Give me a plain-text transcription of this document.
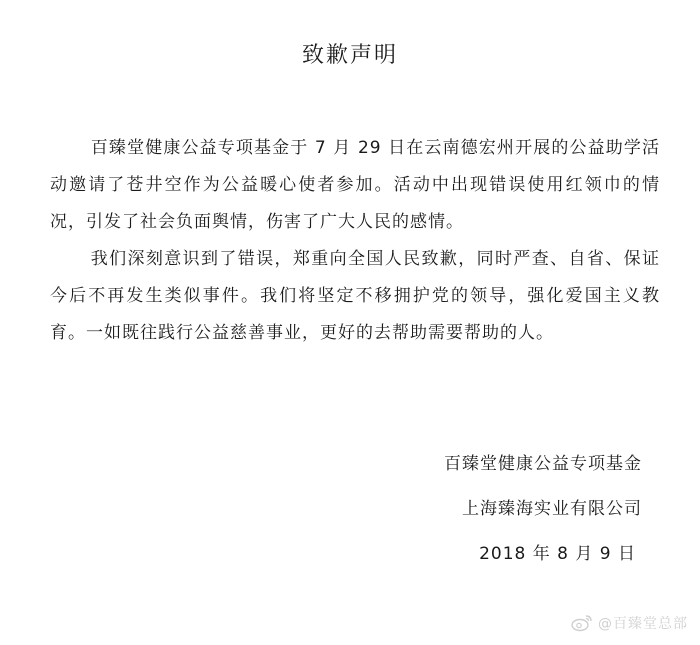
致歉声明

百臻堂健康公益专项基金于 7 月 29 日在云南德宏州开展的公益助学活动邀请了苍井空作为公益暖心使者参加。活动中出现错误使用红领巾的情况，引发了社会负面舆情，伤害了广大人民的感情。

我们深刻意识到了错误，郑重向全国人民致歉，同时严查、自省、保证今后不再发生类似事件。我们将坚定不移拥护党的领导，强化爱国主义教育。一如既往践行公益慈善事业，更好的去帮助需要帮助的人。

百臻堂健康公益专项基金
上海臻海实业有限公司
2018 年 8 月 9 日
@百臻堂总部
